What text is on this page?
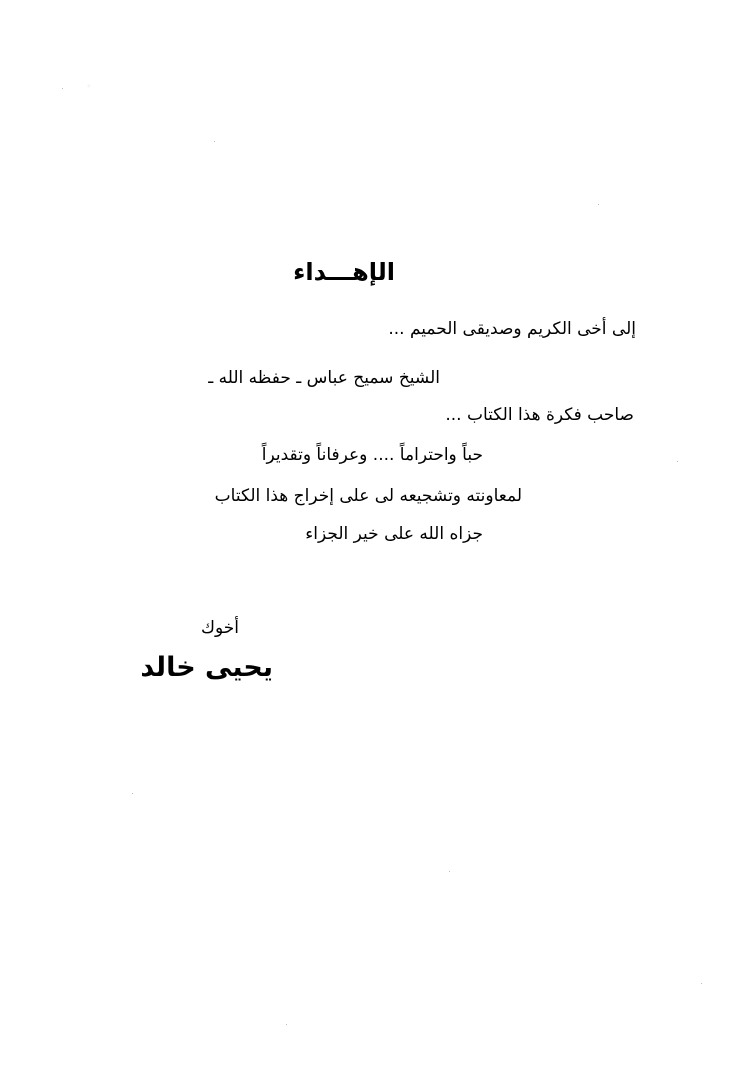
الإهـــداء
إلى أخى الكريم وصديقى الحميم ...
الشيخ سميح عباس ـ حفظه الله ـ
صاحب فكرة هذا الكتاب ...
حباً واحتراماً .... وعرفاناً وتقديراً
لمعاونته وتشجيعه لى على إخراج هذا الكتاب
جزاه الله على خير الجزاء
أخوك
يحيى خالد
